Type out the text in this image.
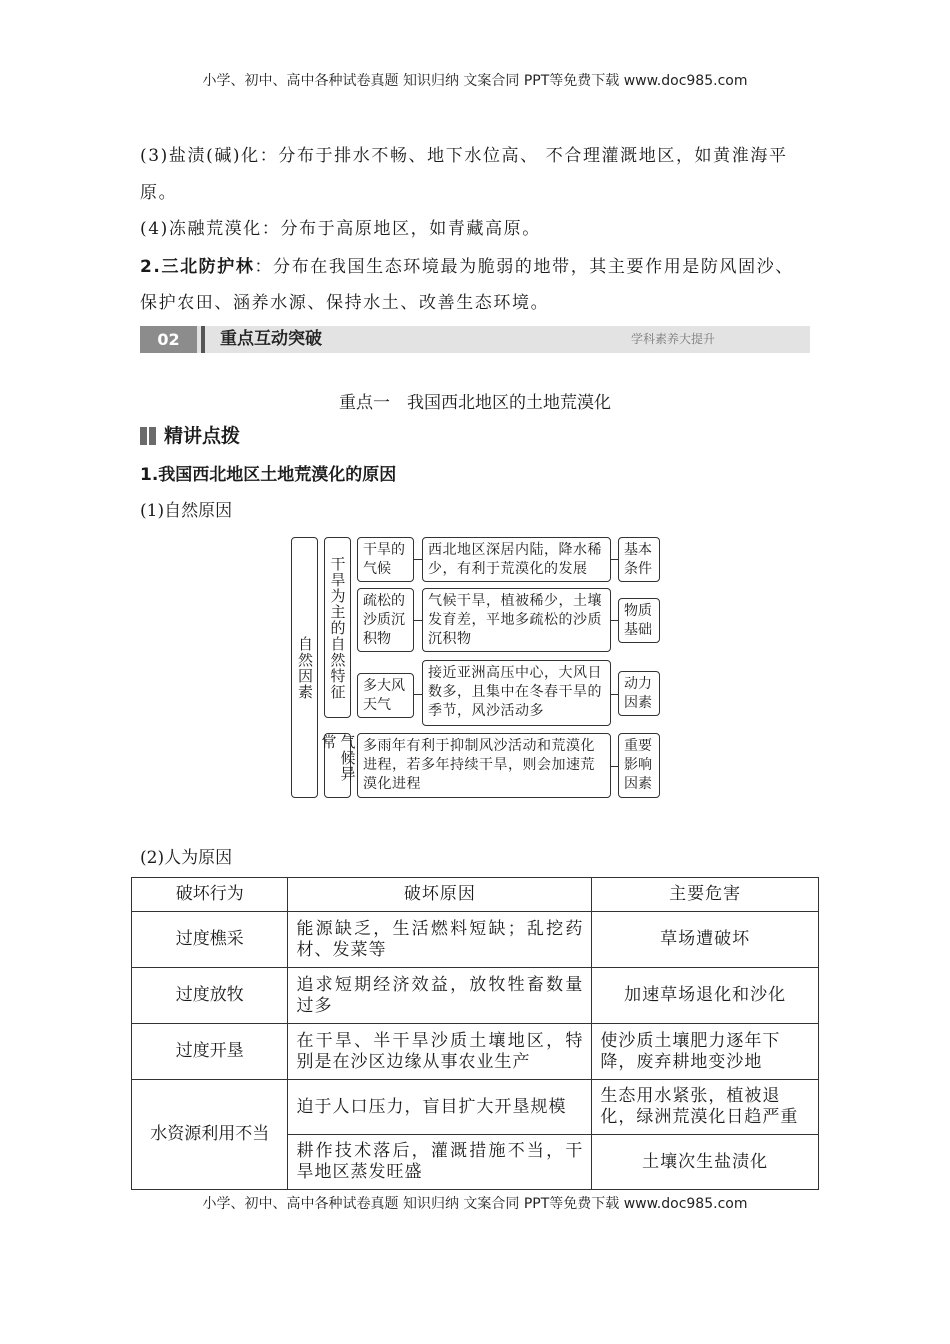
小学、初中、高中各种试卷真题 知识归纳 文案合同 PPT等免费下载 www.doc985.com
(3)盐渍(碱)化：分布于排水不畅、地下水位高、 不合理灌溉地区，如黄淮海平
原。
(4)冻融荒漠化：分布于高原地区，如青藏高原。
2.三北防护林：分布在我国生态环境最为脆弱的地带，其主要作用是防风固沙、
保护农田、涵养水源、保持水土、改善生态环境。
02	重点互动突破	学科素养大提升
重点一　我国西北地区的土地荒漠化
精讲点拨
1.我国西北地区土地荒漠化的原因
(1)自然原因
自然因素 干旱为主的自然特征
气候异常
干旱的气候
西北地区深居内陆，降水稀少，有利于荒漠化的发展
基本条件
疏松的沙质沉积物
气候干旱，植被稀少，土壤发育差，平地多疏松的沙质沉积物
物质基础
多大风天气
接近亚洲高压中心，大风日数多，且集中在冬春干旱的季节，风沙活动多
动力因素
多雨年有利于抑制风沙活动和荒漠化进程，若多年持续干旱，则会加速荒漠化进程
重要影响因素
(2)人为原因
破坏行为	破坏原因	主要危害
过度樵采	能源缺乏，生活燃料短缺；乱挖药材、发菜等	草场遭破坏
过度放牧	追求短期经济效益，放牧牲畜数量过多	加速草场退化和沙化
过度开垦	在干旱、半干旱沙质土壤地区，特别是在沙区边缘从事农业生产	使沙质土壤肥力逐年下降，废弃耕地变沙地
水资源利用不当	迫于人口压力，盲目扩大开垦规模	生态用水紧张，植被退化，绿洲荒漠化日趋严重
	耕作技术落后，灌溉措施不当，干旱地区蒸发旺盛	土壤次生盐渍化
小学、初中、高中各种试卷真题 知识归纳 文案合同 PPT等免费下载 www.doc985.com
